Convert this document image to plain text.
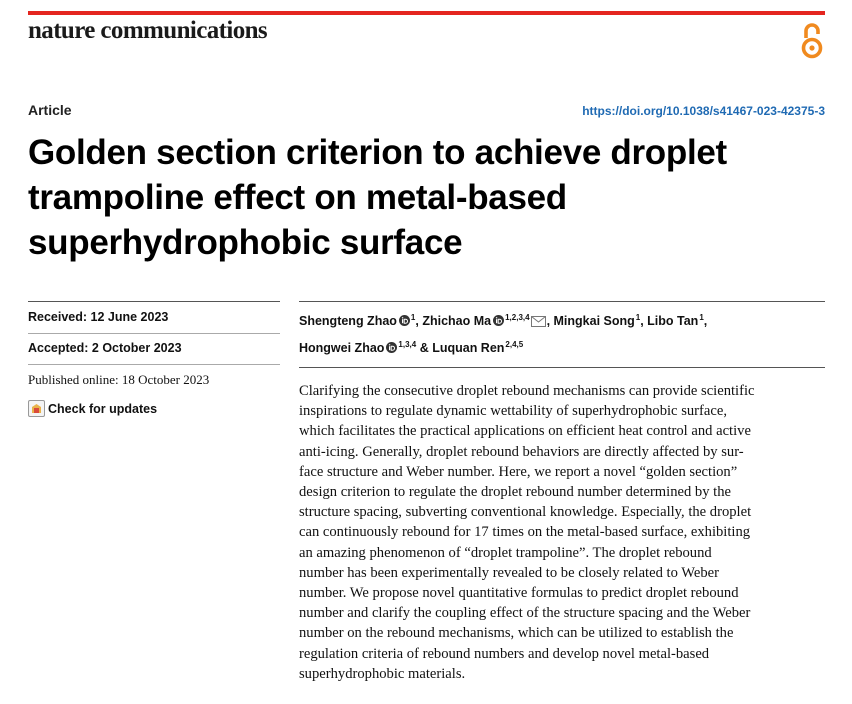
nature communications
Article	https://doi.org/10.1038/s41467-023-42375-3
Golden section criterion to achieve droplet
trampoline effect on metal-based
superhydrophobic surface
Received: 12 June 2023
Accepted: 2 October 2023
Published online: 18 October 2023
Check for updates
Shengteng Zhao $^1$, Zhichao Ma $^{1,2,3,4}$ , Mingkai Song$^1$, Libo Tan$^1$,
Hongwei Zhao $^{1,3,4}$ & Luquan Ren$^{2,4,5}$
Clarifying the consecutive droplet rebound mechanisms can provide scientific
inspirations to regulate dynamic wettability of superhydrophobic surface,
which facilitates the practical applications on efficient heat control and active
anti-icing. Generally, droplet rebound behaviors are directly affected by sur-
face structure and Weber number. Here, we report a novel “golden section”
design criterion to regulate the droplet rebound number determined by the
structure spacing, subverting conventional knowledge. Especially, the droplet
can continuously rebound for 17 times on the metal-based surface, exhibiting
an amazing phenomenon of “droplet trampoline”. The droplet rebound
number has been experimentally revealed to be closely related to Weber
number. We propose novel quantitative formulas to predict droplet rebound
number and clarify the coupling effect of the structure spacing and the Weber
number on the rebound mechanisms, which can be utilized to establish the
regulation criteria of rebound numbers and develop novel metal-based
superhydrophobic materials.
